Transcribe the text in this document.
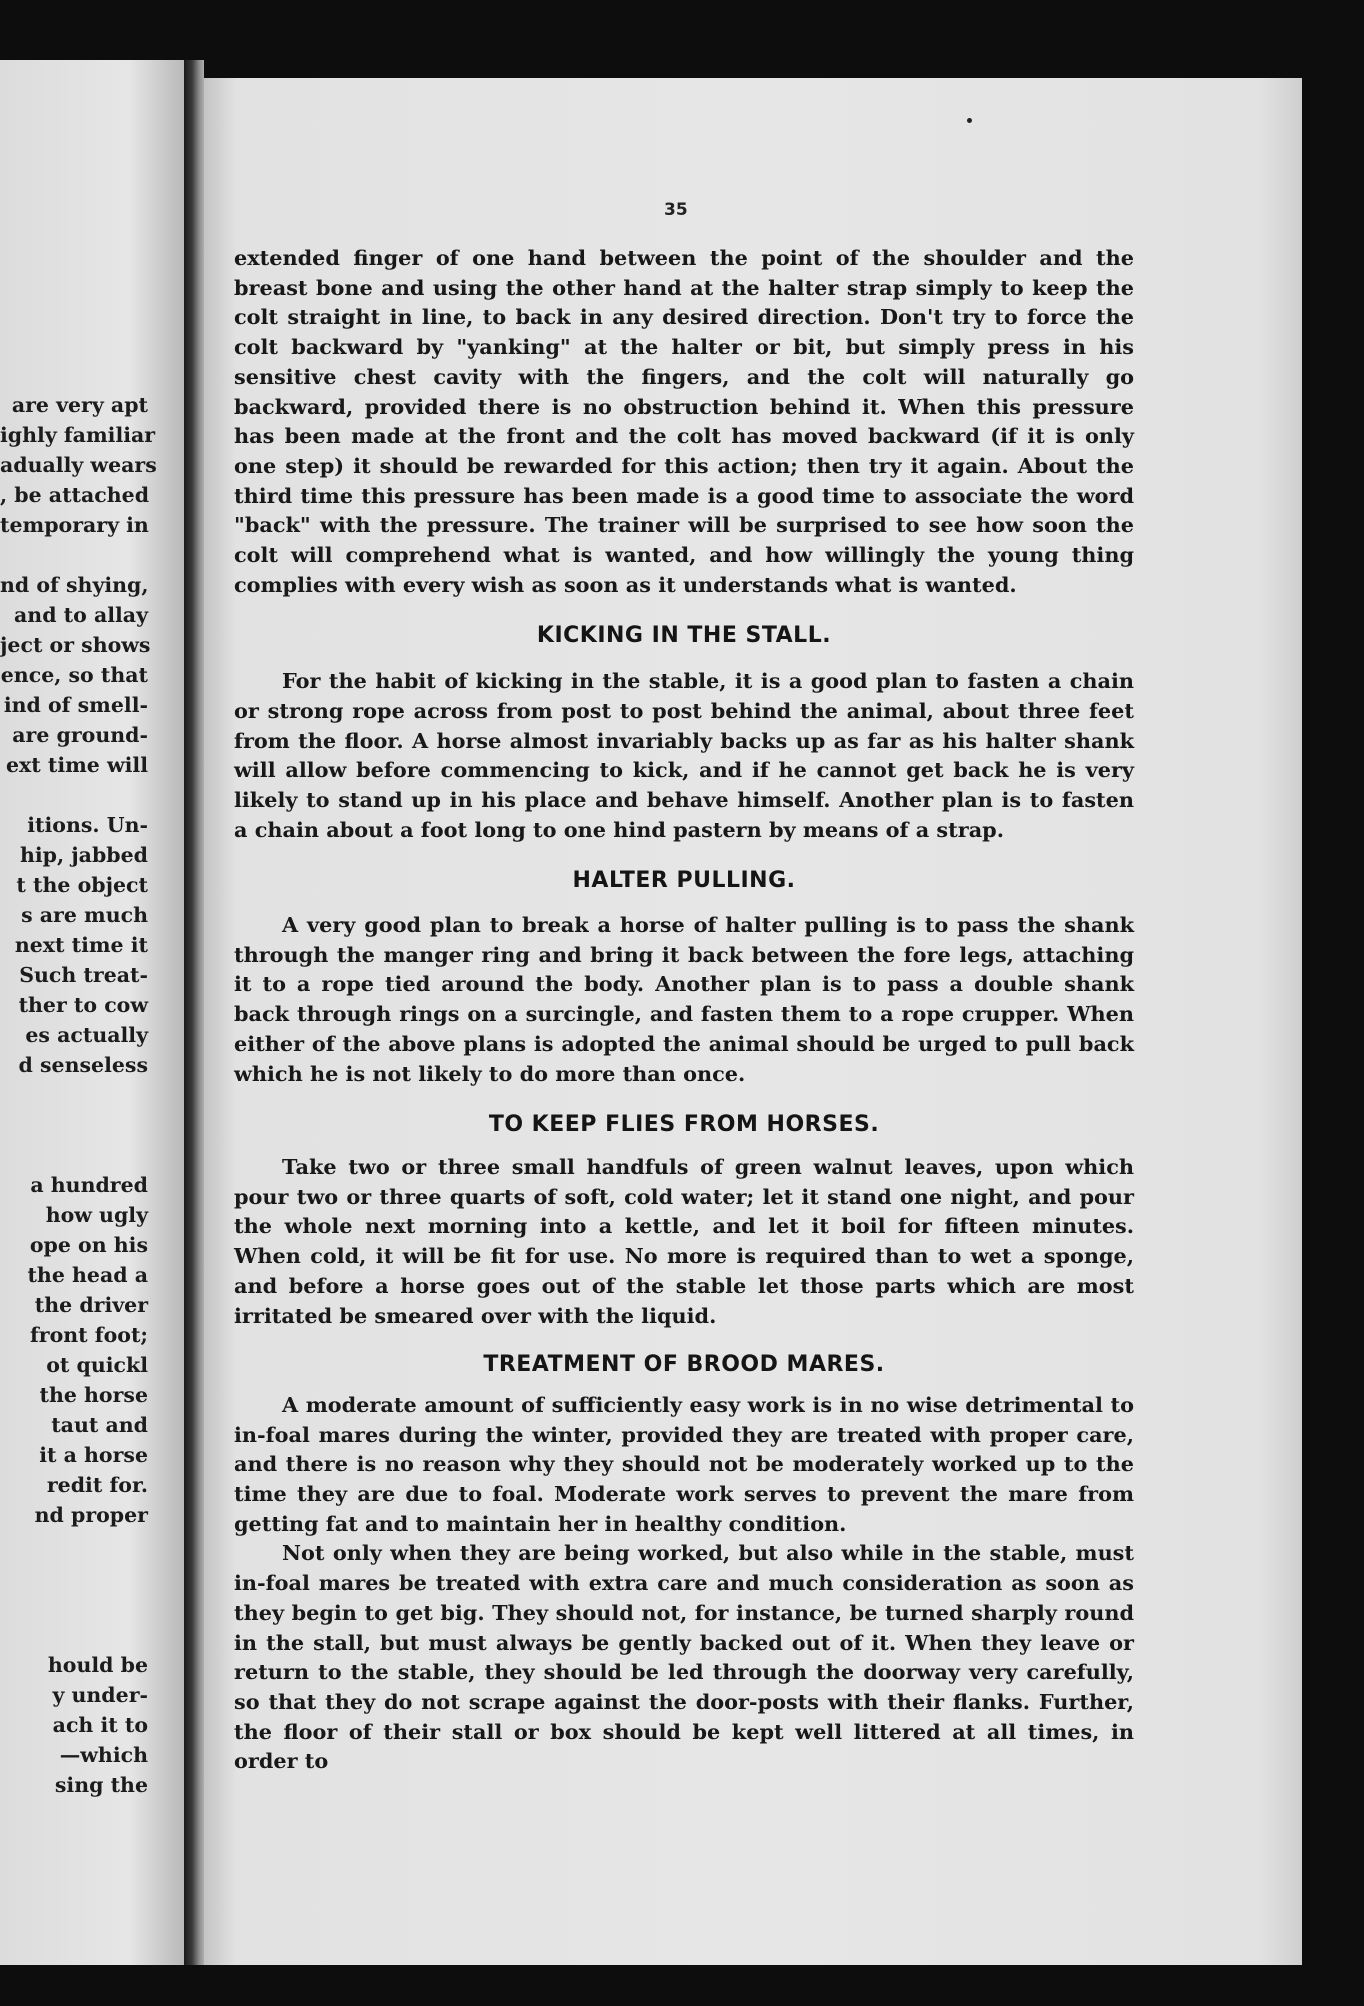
are very apt
ighly familiar
adually wears
, be attached
temporary in
nd of shying,
and to allay
ject or shows
ence, so that
ind of smell-
are ground-
ext time will
itions. Un-
hip, jabbed
t the object
s are much
next time it
Such treat-
ther to cow
es actually
d senseless
a hundred
how ugly
ope on his
the head a
the driver
front foot;
ot quickl
the horse
taut and
it a horse
redit for.
nd proper
hould be
y under-
ach it to
—which
sing the
35

extended finger of one hand between the point of the shoulder and the breast bone and using the other hand at the halter strap simply to keep the colt straight in line, to back in any desired direction. Don't try to force the colt backward by "yanking" at the halter or bit, but simply press in his sensitive chest cavity with the fingers, and the colt will naturally go backward, provided there is no obstruction behind it. When this pressure has been made at the front and the colt has moved backward (if it is only one step) it should be rewarded for this action; then try it again. About the third time this pressure has been made is a good time to associate the word "back" with the pressure. The trainer will be surprised to see how soon the colt will comprehend what is wanted, and how willingly the young thing complies with every wish as soon as it understands what is wanted.

KICKING IN THE STALL.

For the habit of kicking in the stable, it is a good plan to fasten a chain or strong rope across from post to post behind the animal, about three feet from the floor. A horse almost invariably backs up as far as his halter shank will allow before commencing to kick, and if he cannot get back he is very likely to stand up in his place and behave himself. Another plan is to fasten a chain about a foot long to one hind pastern by means of a strap.

HALTER PULLING.

A very good plan to break a horse of halter pulling is to pass the shank through the manger ring and bring it back between the fore legs, attaching it to a rope tied around the body. Another plan is to pass a double shank back through rings on a surcingle, and fasten them to a rope crupper. When either of the above plans is adopted the animal should be urged to pull back which he is not likely to do more than once.

TO KEEP FLIES FROM HORSES.

Take two or three small handfuls of green walnut leaves, upon which pour two or three quarts of soft, cold water; let it stand one night, and pour the whole next morning into a kettle, and let it boil for fifteen minutes. When cold, it will be fit for use. No more is required than to wet a sponge, and before a horse goes out of the stable let those parts which are most irritated be smeared over with the liquid.

TREATMENT OF BROOD MARES.

A moderate amount of sufficiently easy work is in no wise detrimental to in-foal mares during the winter, provided they are treated with proper care, and there is no reason why they should not be moderately worked up to the time they are due to foal. Moderate work serves to prevent the mare from getting fat and to maintain her in healthy condition.

Not only when they are being worked, but also while in the stable, must in-foal mares be treated with extra care and much consideration as soon as they begin to get big. They should not, for instance, be turned sharply round in the stall, but must always be gently backed out of it. When they leave or return to the stable, they should be led through the doorway very carefully, so that they do not scrape against the door-posts with their flanks. Further, the floor of their stall or box should be kept well littered at all times, in order to
